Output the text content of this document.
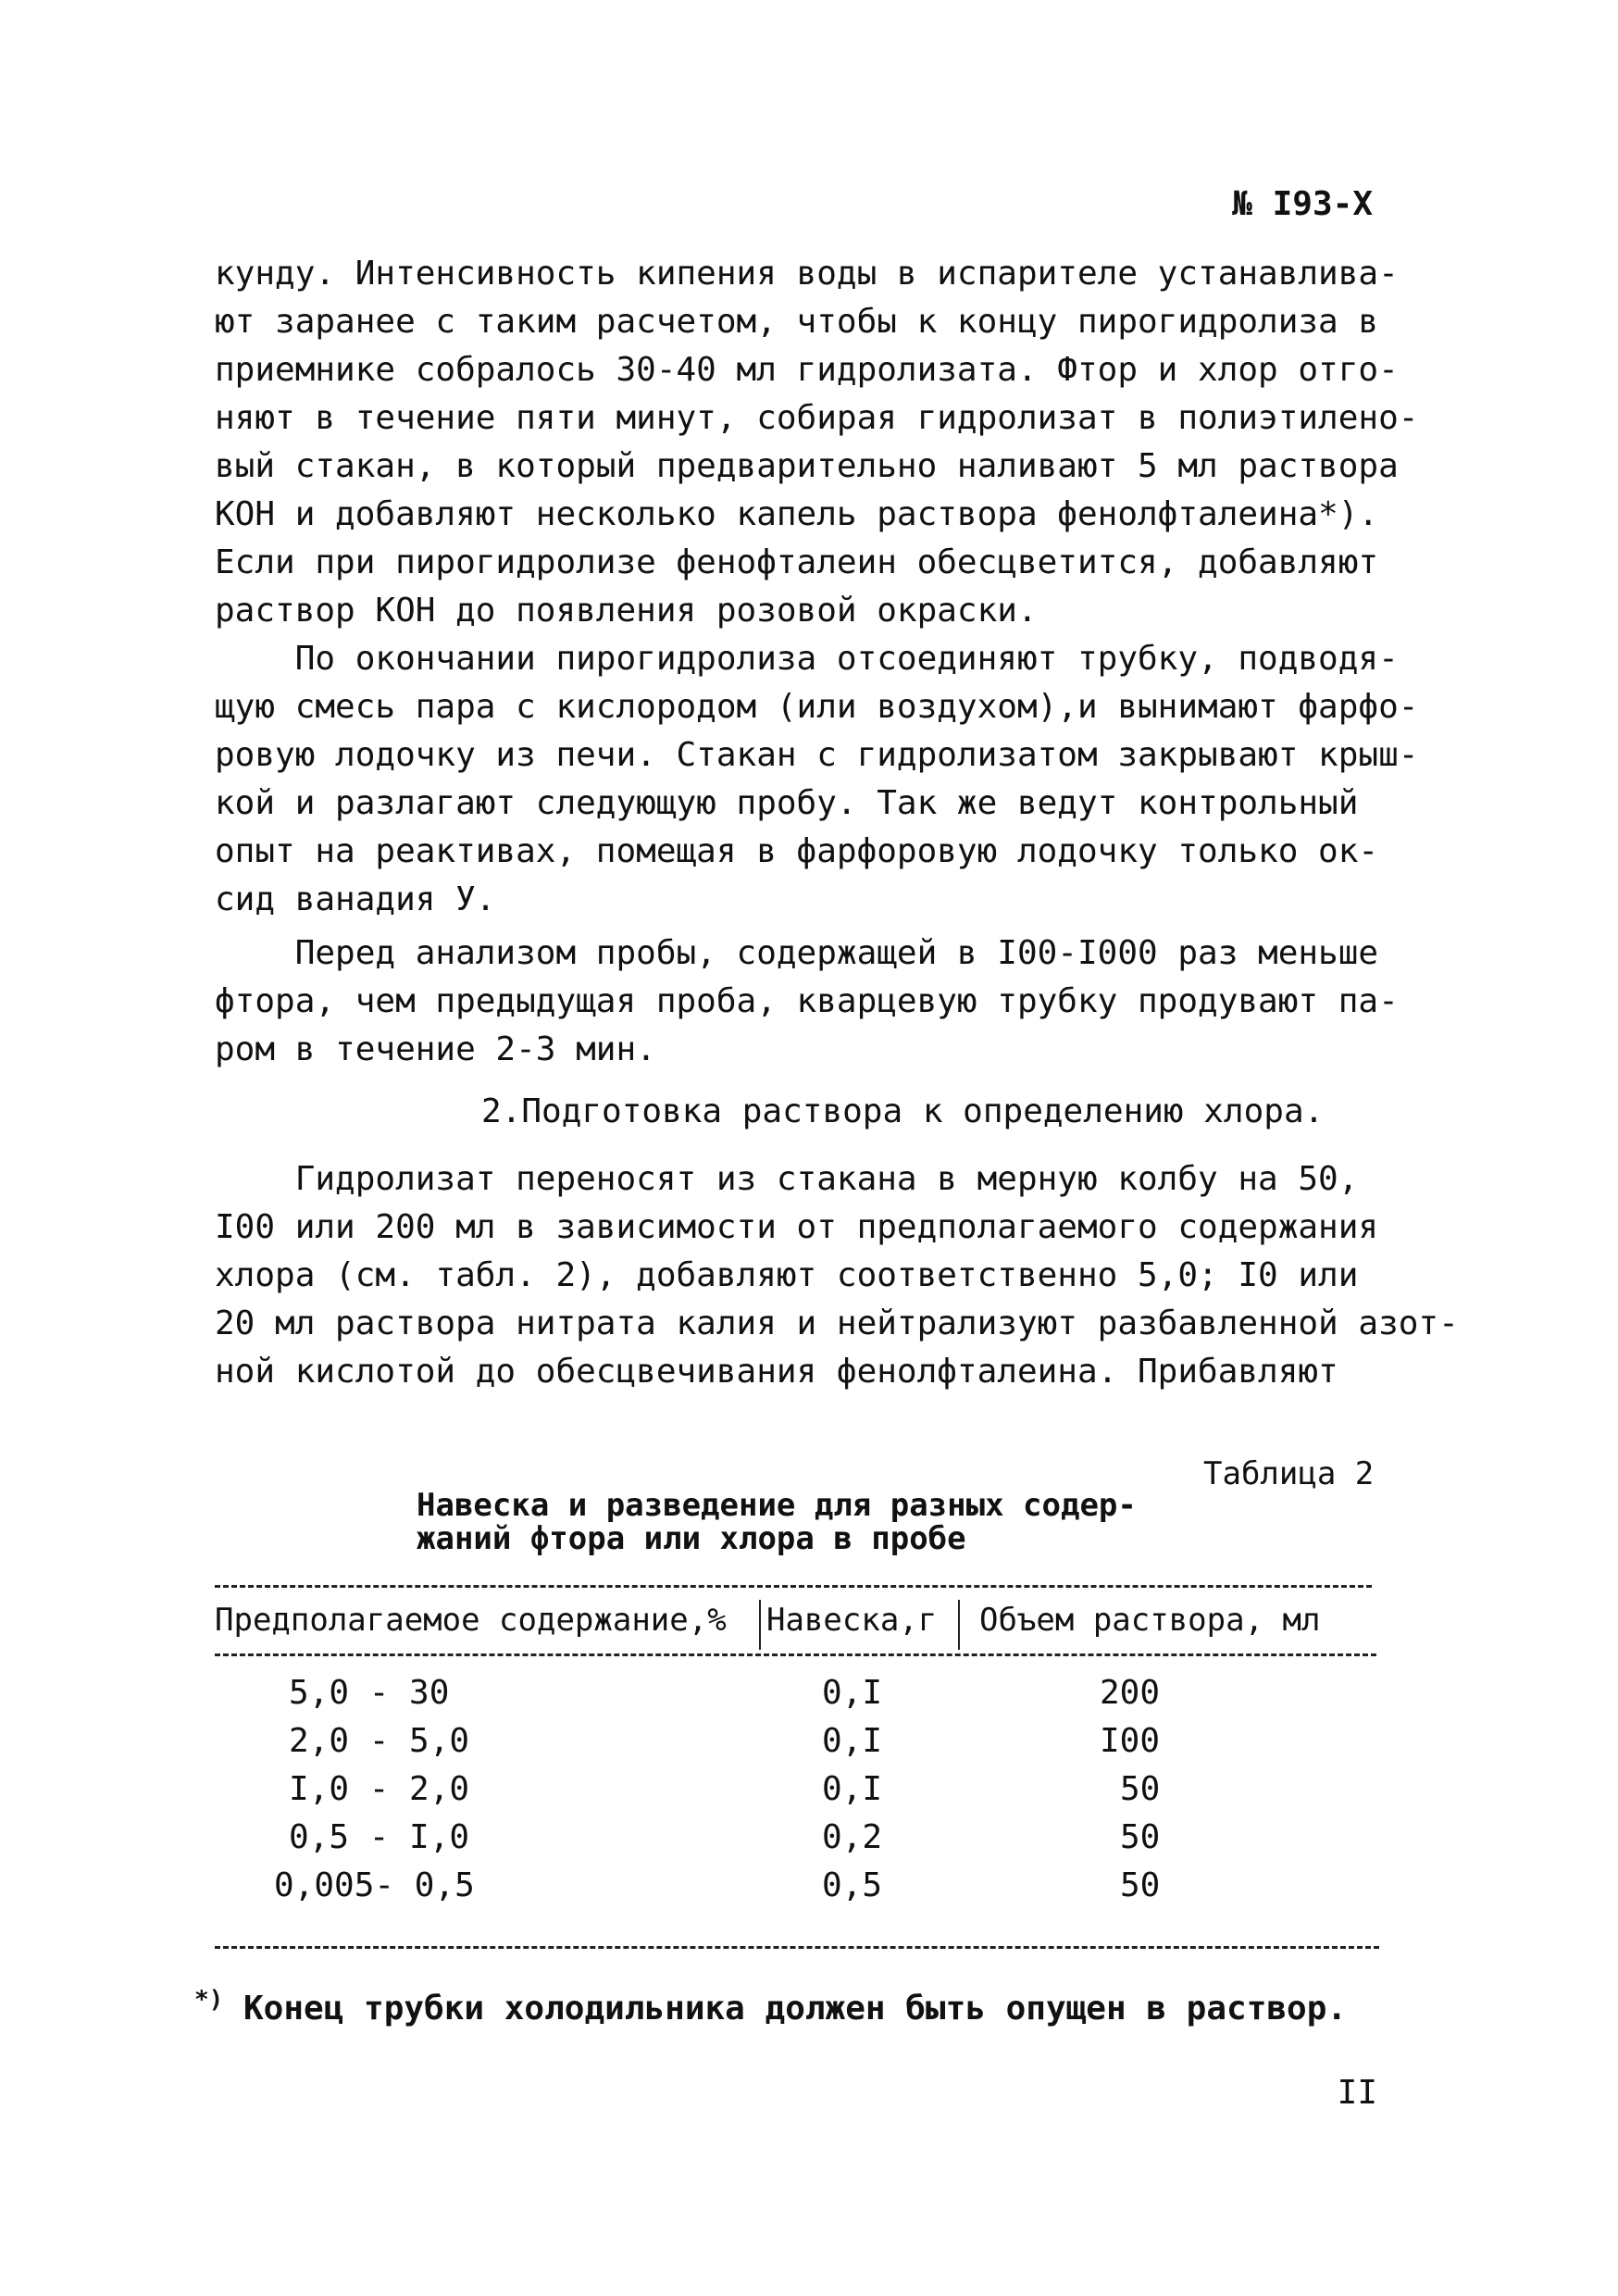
№ I93-X
кунду. Интенсивность кипения воды в испарителе устанавлива-
ют заранее с таким расчетом, чтобы к концу пирогидролиза в
приемнике собралось 30-40 мл гидролизата. Фтор и хлор отго-
няют в течение пяти минут, собирая гидролизат в полиэтилено-
вый стакан, в который предварительно наливают 5 мл раствора
КОН и добавляют несколько капель раствора фенолфталеина*).
Если при пирогидролизе фенофталеин обесцветится, добавляют
раствор КОН до появления розовой окраски.
По окончании пирогидролиза отсоединяют трубку, подводя-
щую смесь пара с кислородом (или воздухом),и вынимают фарфо-
ровую лодочку из печи. Стакан с гидролизатом закрывают крыш-
кой и разлагают следующую пробу. Так же ведут контрольный
опыт на реактивах, помещая в фарфоровую лодочку только ок-
сид ванадия У.
Перед анализом пробы, содержащей в I00-I000 раз меньше
фтора, чем предыдущая проба, кварцевую трубку продувают па-
ром в течение 2-3 мин.
2.Подготовка раствора к определению хлора.
Гидролизат переносят из стакана в мерную колбу на 50,
I00 или 200 мл в зависимости от предполагаемого содержания
хлора (см. табл. 2), добавляют соответственно 5,0; I0 или
20 мл раствора нитрата калия и нейтрализуют разбавленной азот-
ной кислотой до обесцвечивания фенолфталеина. Прибавляют
Таблица 2
Навеска и разведение для разных содер-
жаний фтора или хлора в пробе
Предполагаемое содержание,% Навеска,г Объем раствора, мл
5,0 - 30	0,I	200
2,0 - 5,0	0,I	I00
I,0 - 2,0	0,I	50
0,5 - I,0	0,2	50
0,005- 0,5	0,5	50
*) Конец трубки холодильника должен быть опущен в раствор.
II
